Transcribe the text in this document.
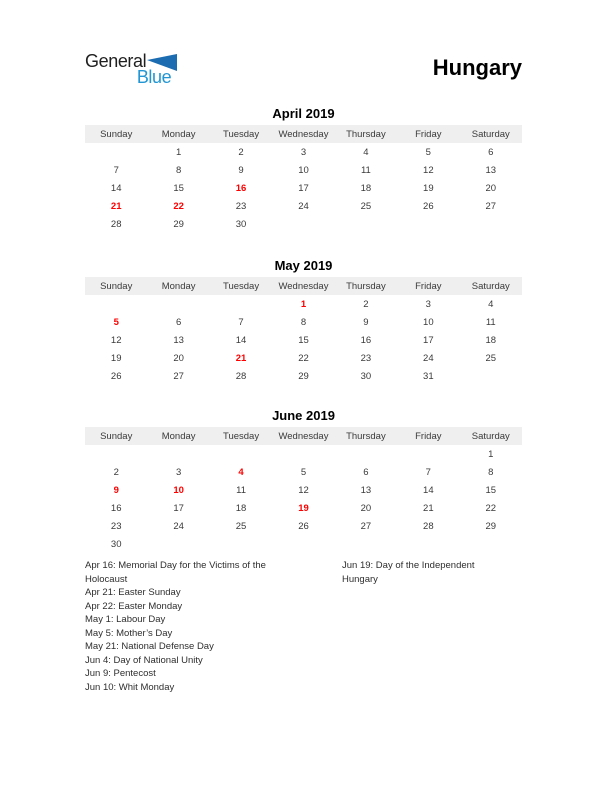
General
Blue	Hungary
April 2019
Sunday	Monday	Tuesday	Wednesday	Thursday	Friday	Saturday
	1	2	3	4	5	6
7	8	9	10	11	12	13
14	15	16	17	18	19	20
21	22	23	24	25	26	27
28	29	30				
May 2019
Sunday	Monday	Tuesday	Wednesday	Thursday	Friday	Saturday
			1	2	3	4
5	6	7	8	9	10	11
12	13	14	15	16	17	18
19	20	21	22	23	24	25
26	27	28	29	30	31	
June 2019
Sunday	Monday	Tuesday	Wednesday	Thursday	Friday	Saturday
						1
2	3	4	5	6	7	8
9	10	11	12	13	14	15
16	17	18	19	20	21	22
23	24	25	26	27	28	29
30						
Apr 16: Memorial Day for the Victims of the Holocaust
Apr 21: Easter Sunday
Apr 22: Easter Monday
May 1: Labour Day
May 5: Mother’s Day
May 21: National Defense Day
Jun 4: Day of National Unity
Jun 9: Pentecost
Jun 10: Whit Monday
Jun 19: Day of the Independent Hungary
